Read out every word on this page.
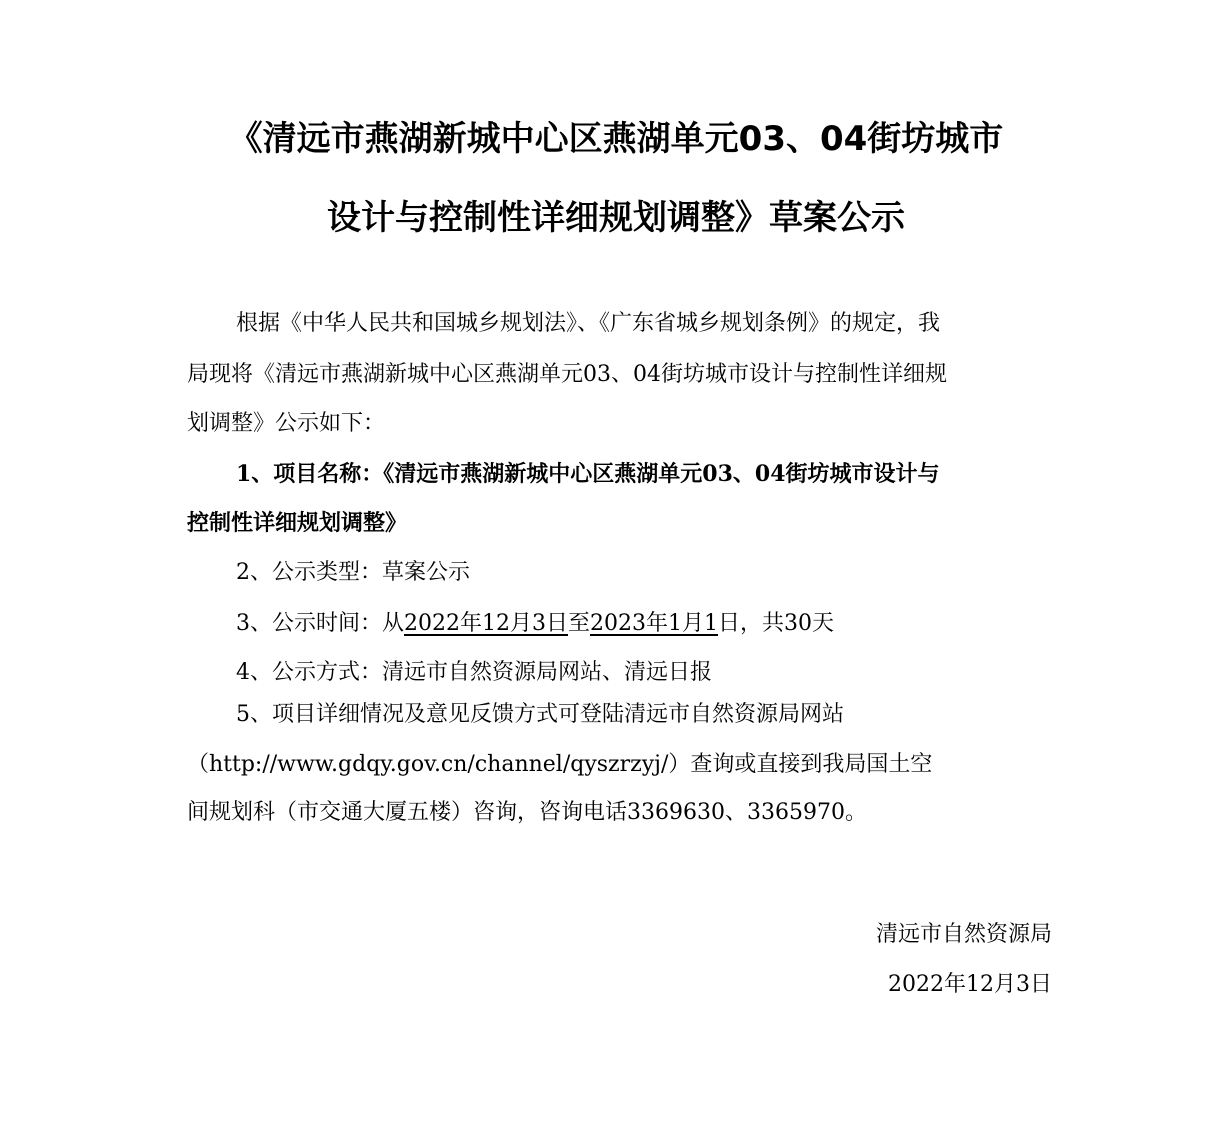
《清远市燕湖新城中心区燕湖单元03、04街坊城市
设计与控制性详细规划调整》草案公示
根据《中华人民共和国城乡规划法》、《广东省城乡规划条例》的规定，我
局现将《清远市燕湖新城中心区燕湖单元03、04街坊城市设计与控制性详细规
划调整》公示如下：
1、项目名称：《清远市燕湖新城中心区燕湖单元03、04街坊城市设计与
控制性详细规划调整》
2、公示类型：草案公示
3、公示时间：从2022年12月3日至2023年1月1日，共30天
4、公示方式：清远市自然资源局网站、清远日报
5、项目详细情况及意见反馈方式可登陆清远市自然资源局网站
（http://www.gdqy.gov.cn/channel/qyszrzyj/）查询或直接到我局国土空
间规划科（市交通大厦五楼）咨询，咨询电话3369630、3365970。
清远市自然资源局
2022年12月3日
